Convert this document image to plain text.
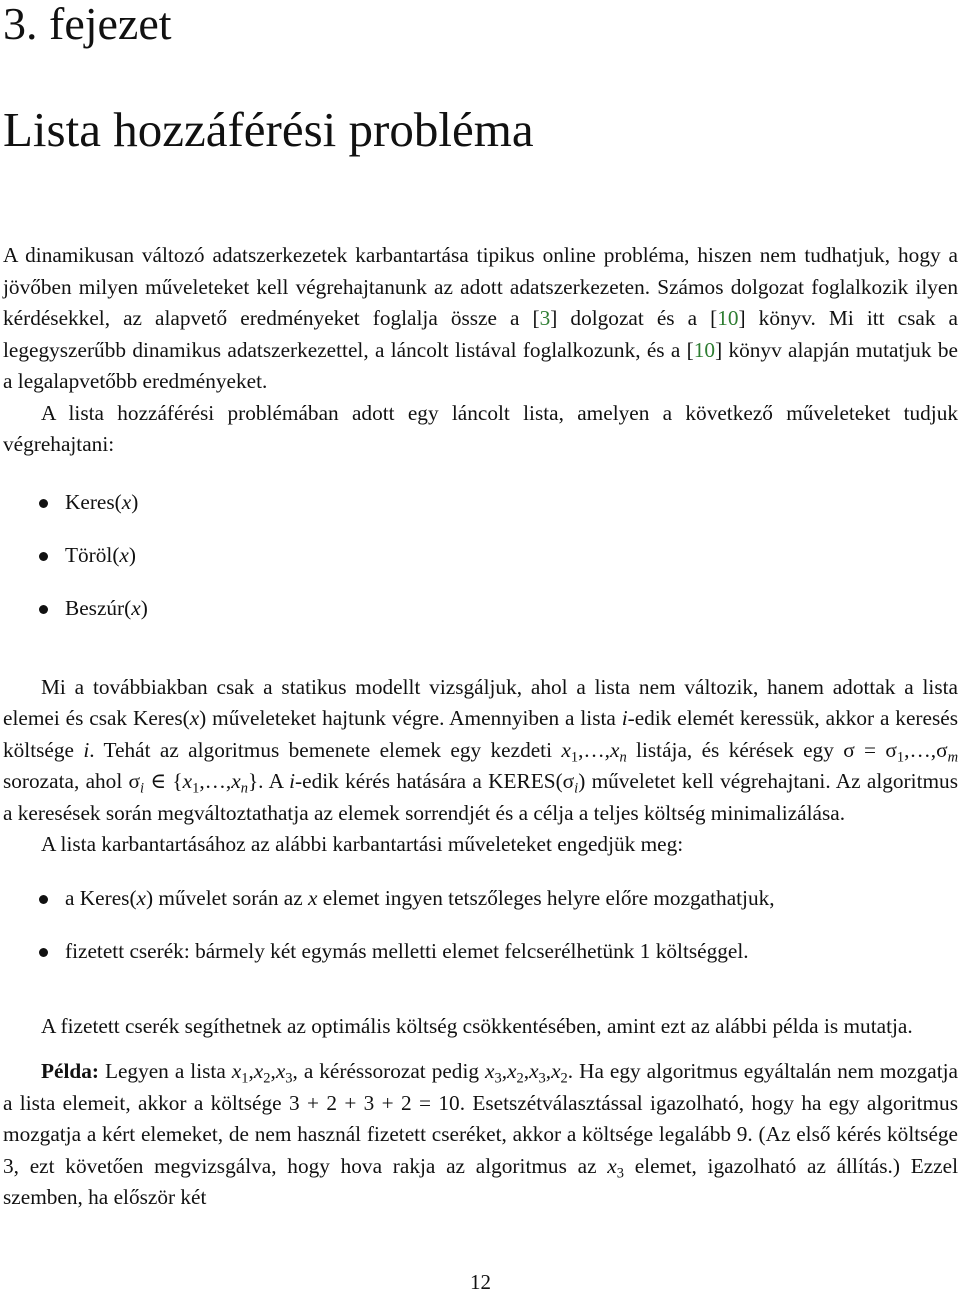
3. fejezet
Lista hozzáférési probléma

A dinamikusan változó adatszerkezetek karbantartása tipikus online probléma, hiszen nem tudhatjuk, hogy a jövőben milyen műveleteket kell végrehajtanunk az adott adatszerkezeten. Számos dolgozat foglalkozik ilyen kérdésekkel, az alapvető eredményeket foglalja össze a [3] dolgozat és a [10] könyv. Mi itt csak a legegyszerűbb dinamikus adatszerkezettel, a láncolt listával foglalkozunk, és a [10] könyv alapján mutatjuk be a legalapvetőbb eredményeket.

A lista hozzáférési problémában adott egy láncolt lista, amelyen a következő műveleteket tudjuk végrehajtani:

Keres(x)
Töröl(x)
Beszúr(x)

Mi a továbbiakban csak a statikus modellt vizsgáljuk, ahol a lista nem változik, hanem adottak a lista elemei és csak Keres(x) műveleteket hajtunk végre. Amennyiben a lista i-edik elemét keressük, akkor a keresés költsége i. Tehát az algoritmus bemenete elemek egy kezdeti $x_1,\dots,x_n$ listája, és kérések egy $\sigma = \sigma_1,\dots,\sigma_m$ sorozata, ahol $\sigma_i$ ∈ $\{x_1,\dots,x_n\}$. A i-edik kérés hatására a $KERES(\sigma_i)$ műveletet kell végrehajtani. Az algoritmus a keresések során megváltoztathatja az elemek sorrendjét és a célja a teljes költség minimalizálása.

A lista karbantartásához az alábbi karbantartási műveleteket engedjük meg:

a Keres(x) művelet során az x elemet ingyen tetszőleges helyre előre mozgathatjuk,
fizetett cserék: bármely két egymás melletti elemet felcserélhetünk 1 költséggel.

A fizetett cserék segíthetnek az optimális költség csökkentésében, amint ezt az alábbi példa is mutatja.

Példa: Legyen a lista $x_1,x_2,x_3$, a kéréssorozat pedig $x_3,x_2,x_3,x_2$. Ha egy algoritmus egyáltalán nem mozgatja a lista elemeit, akkor a költsége 3 + 2 + 3 + 2 = 10. Esetszétválasztással igazolható, hogy ha egy algoritmus mozgatja a kért elemeket, de nem használ fizetett cseréket, akkor a költsége legalább 9. (Az első kérés költsége 3, ezt követően megvizsgálva, hogy hova rakja az algoritmus az $x_3$ elemet, igazolható az állítás.) Ezzel szemben, ha először két

12
